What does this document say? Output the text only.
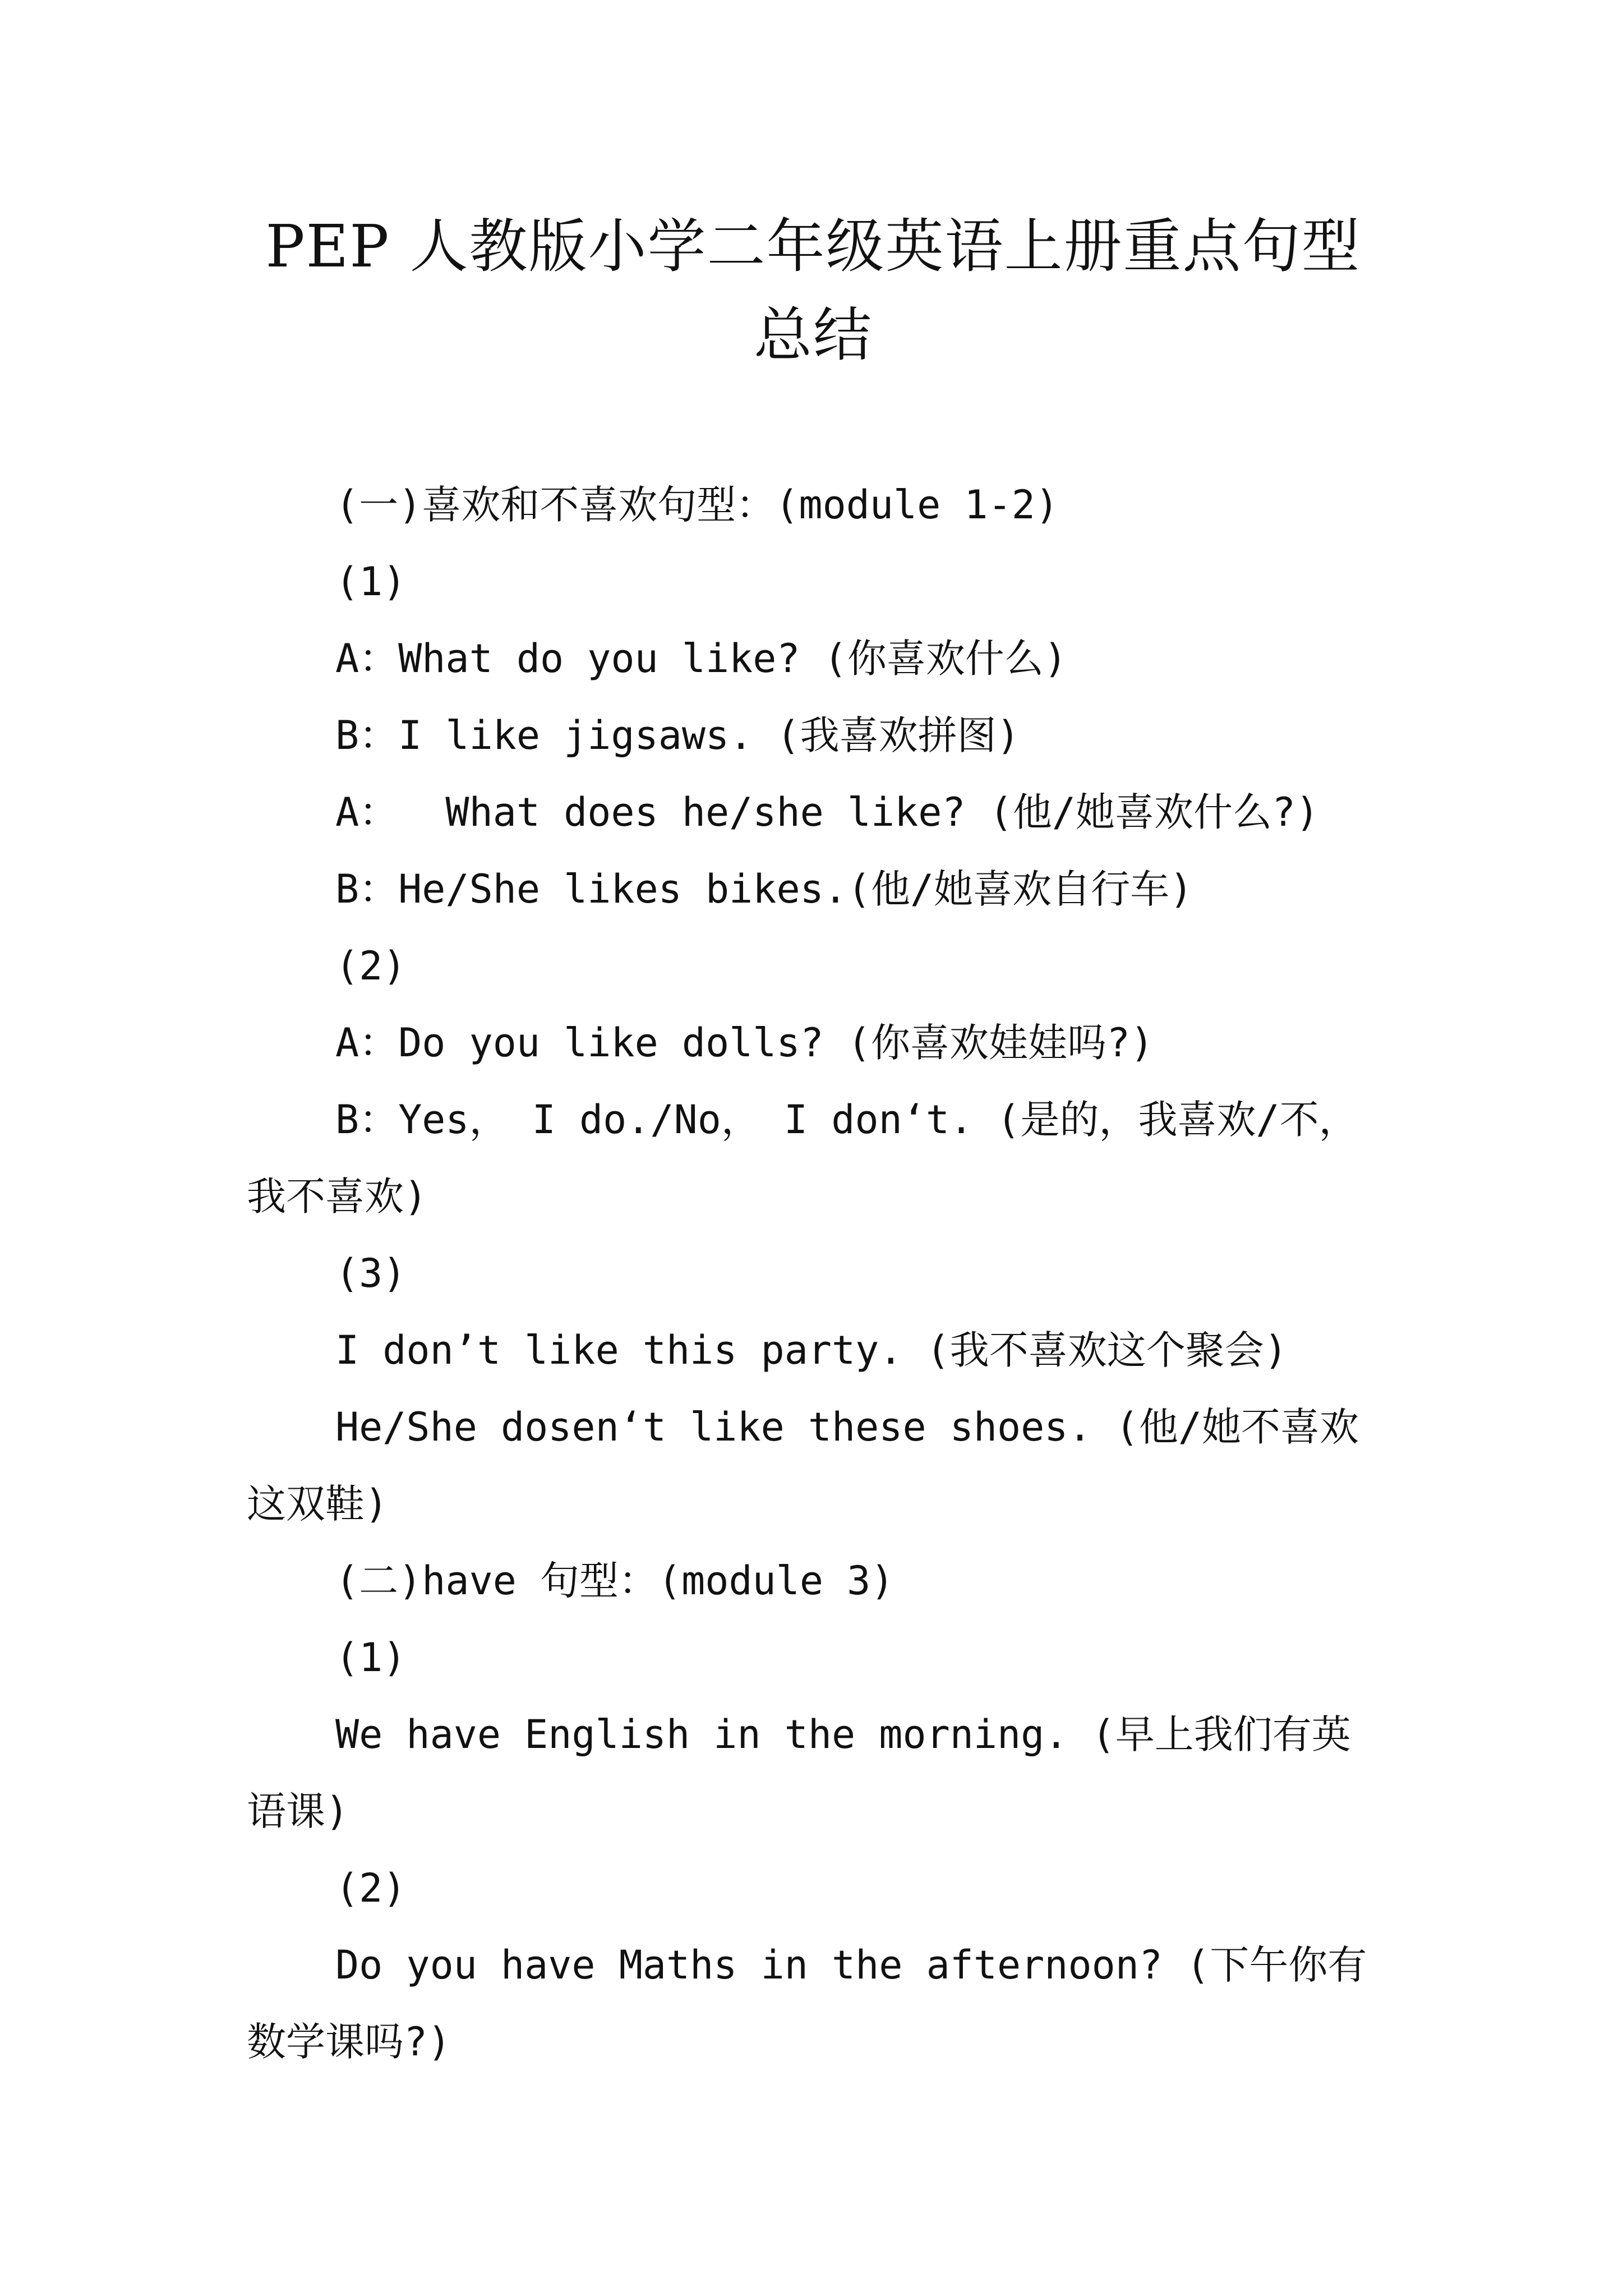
PEP 人教版小学二年级英语上册重点句型总结

(一)喜欢和不喜欢句型：(module 1-2)

(1)

A：What do you like? (你喜欢什么)

B：I like jigsaws. (我喜欢拼图)

A：  What does he/she like? (他/她喜欢什么?)

B：He/She likes bikes.(他/她喜欢自行车)

(2)

A：Do you like dolls? (你喜欢娃娃吗?)

B：Yes， I do./No， I don‘t. (是的，我喜欢/不，我不喜欢)

(3)

I don’t like this party. (我不喜欢这个聚会)

He/She dosen‘t like these shoes. (他/她不喜欢这双鞋)

(二)have 句型：(module 3)

(1)

We have English in the morning. (早上我们有英语课)

(2)

Do you have Maths in the afternoon? (下午你有数学课吗?)
